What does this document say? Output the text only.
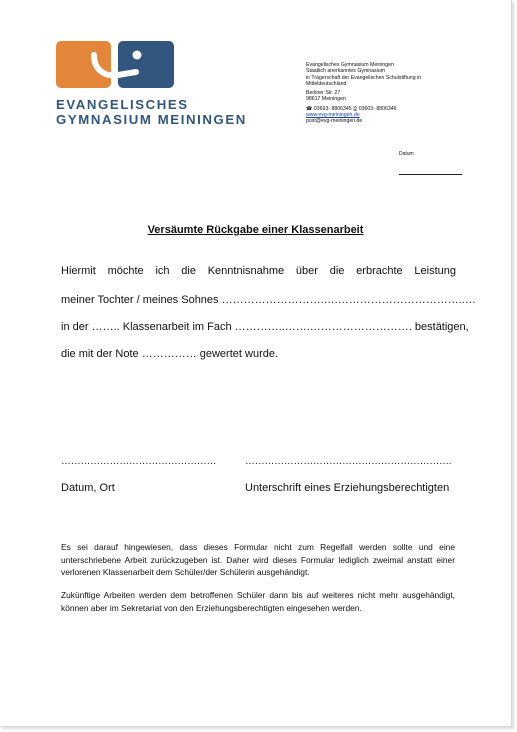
EVANGELISCHES
GYMNASIUM MEININGEN
Evangelisches Gymnasium Meiningen
Staatlich anerkanntes Gymnasium
in Trägerschaft der Evangelischen Schulstiftung in
Mitteldeutschland
Berliner Str. 27
98617 Meiningen
☎ 03693- 8806345 ⎙ 03603- 8806346
www.evg-meiningen.de
post@evg-meiningen.de
Datum
Versäumte Rückgabe einer Klassenarbeit
Hiermit möchte ich die Kenntnisnahme über die erbrachte Leistung
meiner Tochter / meines Sohnes ……………………….….……………………………..…
in der …….. Klassenarbeit im Fach …………..…….………………………. bestätigen,
die mit der Note …………… gewertet wurde.
…………………………………………	……………………………………………………….
Datum, Ort	Unterschrift eines Erziehungsberechtigten
Es sei darauf hingewiesen, dass dieses Formular nicht zum Regelfall werden sollte und eine unterschriebene Arbeit zurückzugeben ist. Daher wird dieses Formular lediglich zweimal anstatt einer verlorenen Klassenarbeit dem Schüler/der Schülerin ausgehändigt.
Zukünftige Arbeiten werden dem betroffenen Schüler dann bis auf weiteres nicht mehr ausgehändigt, können aber im Sekretariat von den Erziehungsberechtigten eingesehen werden.
